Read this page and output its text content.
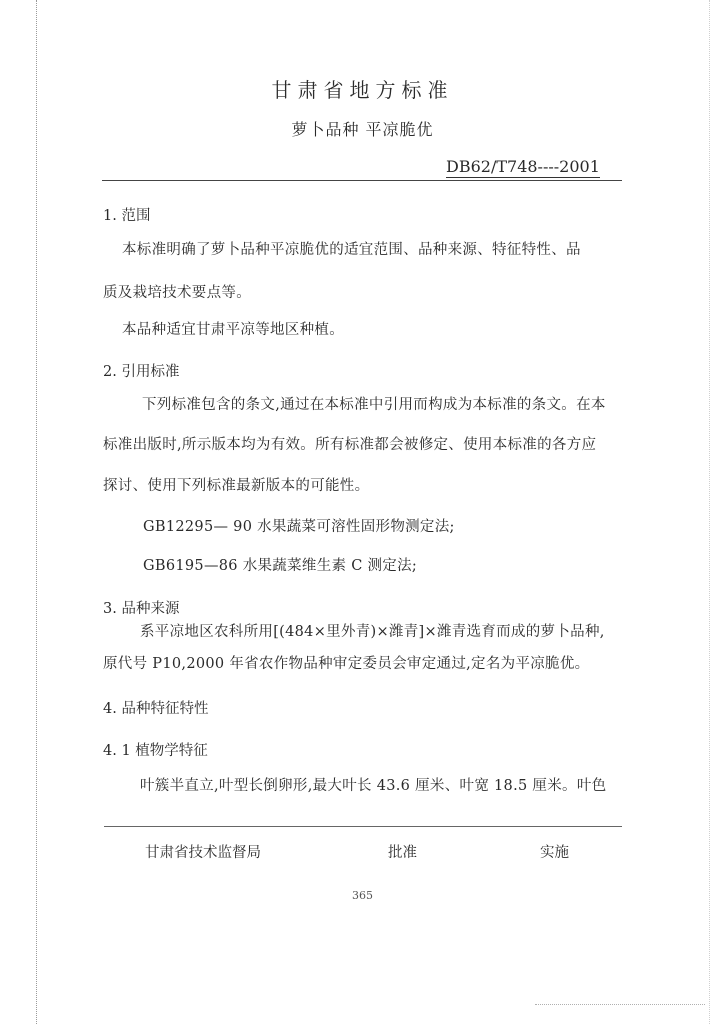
甘肃省地方标准
萝卜品种 平凉脆优
DB62/T748----2001
1. 范围
本标准明确了萝卜品种平凉脆优的适宜范围、品种来源、特征特性、品
质及栽培技术要点等。
本品种适宜甘肃平凉等地区种植。
2. 引用标准
下列标准包含的条文,通过在本标准中引用而构成为本标准的条文。在本
标准出版时,所示版本均为有效。所有标准都会被修定、使用本标准的各方应
探讨、使用下列标准最新版本的可能性。
GB12295— 90 水果蔬菜可溶性固形物测定法;
GB6195—86 水果蔬菜维生素 C 测定法;
3. 品种来源
系平凉地区农科所用[(484×里外青)×潍青]×潍青选育而成的萝卜品种,
原代号 P10,2000 年省农作物品种审定委员会审定通过,定名为平凉脆优。
4. 品种特征特性
4. 1 植物学特征
叶簇半直立,叶型长倒卵形,最大叶长 43.6 厘米、叶宽 18.5 厘米。叶色
甘肃省技术监督局	批准	实施
365
